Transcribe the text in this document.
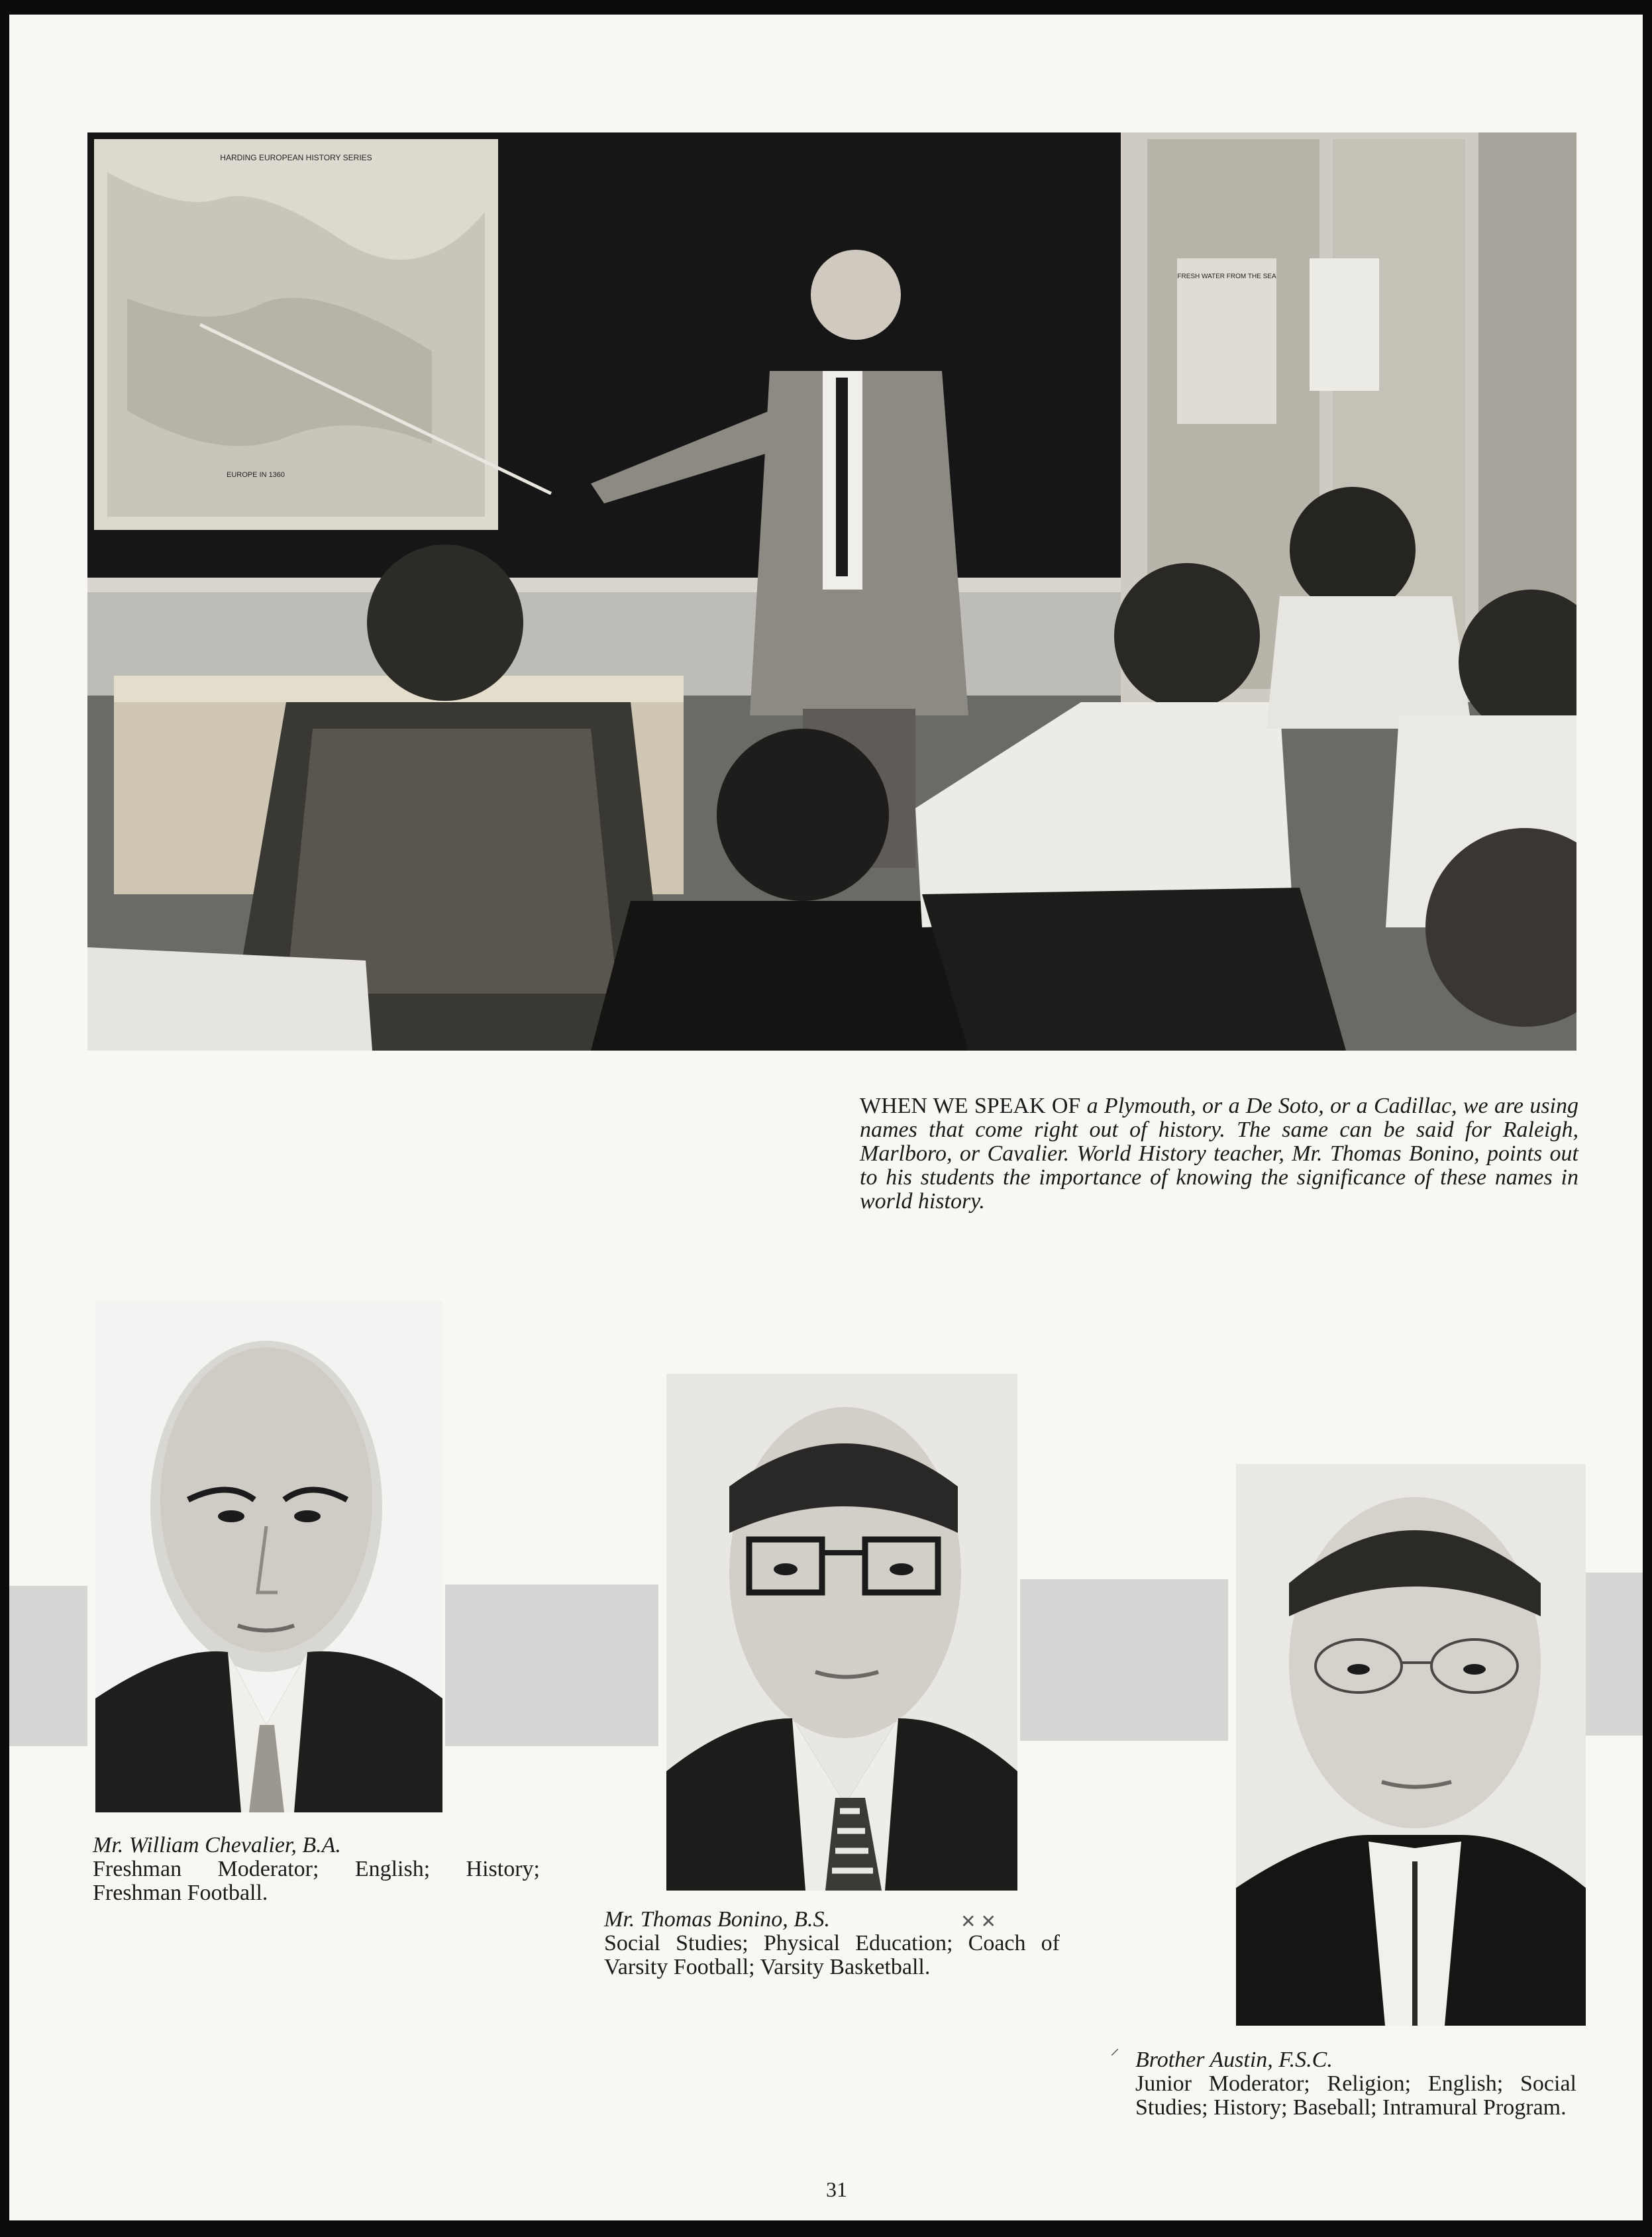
FRESH WATER FROM THE SEA
HARDING EUROPEAN HISTORY SERIES
EUROPE IN 1360
WHEN WE SPEAK OF a Plymouth, or a De Soto, or a Cadillac, we are using names that come right out of history. The same can be said for Raleigh, Marlboro, or Cavalier. World History teacher, Mr. Thomas Bonino, points out to his students the importance of knowing the significance of these names in world history.
Mr. William Chevalier, B.A.
Freshman Moderator; English; History; Freshman Football.
Mr. Thomas Bonino, B.S.
Social Studies; Physical Education; Coach of Varsity Football; Varsity Basketball.
✕ ✕
Brother Austin, F.S.C.
Junior Moderator; Religion; English; Social Studies; History; Baseball; Intramural Program.
⸝
31
